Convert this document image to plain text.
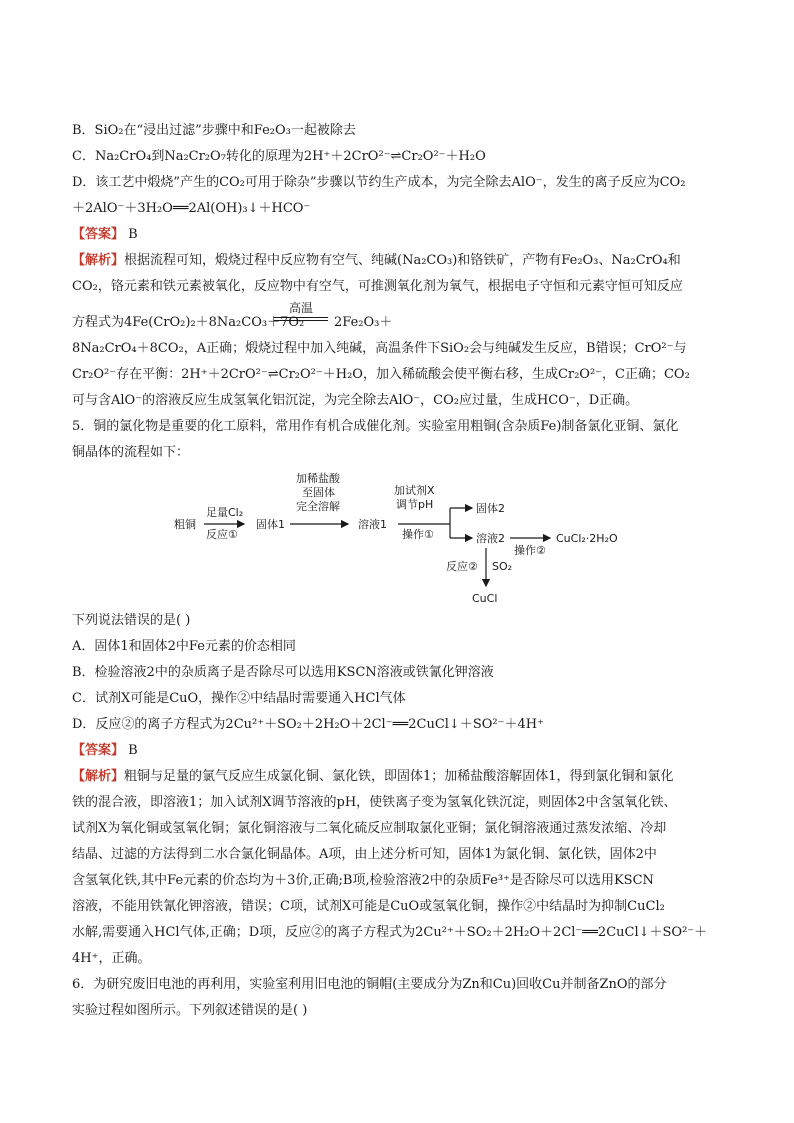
B．SiO₂在“浸出过滤”步骤中和Fe₂O₃一起被除去
C．Na₂CrO₄到Na₂Cr₂O₇转化的原理为2H⁺＋2CrO²⁻⇌Cr₂O²⁻＋H₂O
D．该工艺中煅烧”产生的CO₂可用于除杂”步骤以节约生产成本，为完全除去AlO⁻，发生的离子反应为CO₂
＋2AlO⁻＋3H₂O══2Al(OH)₃↓＋HCO⁻
【答案】 B
【解析】根据流程可知，煅烧过程中反应物有空气、纯碱(Na₂CO₃)和铬铁矿，产物有Fe₂O₃、Na₂CrO₄和
CO₂，铬元素和铁元素被氧化，反应物中有空气，可推测氧化剂为氧气，根据电子守恒和元素守恒可知反应
方程式为4Fe(CrO₂)₂＋8Na₂CO₃＋7O₂
高温
2Fe₂O₃＋
8Na₂CrO₄＋8CO₂，A正确；煅烧过程中加入纯碱，高温条件下SiO₂会与纯碱发生反应，B错误；CrO²⁻与
Cr₂O²⁻存在平衡：2H⁺＋2CrO²⁻⇌Cr₂O²⁻＋H₂O，加入稀硫酸会使平衡右移，生成Cr₂O²⁻，C正确；CO₂
可与含AlO⁻的溶液反应生成氢氧化铝沉淀，为完全除去AlO⁻，CO₂应过量，生成HCO⁻，D正确。
5．铜的氯化物是重要的化工原料，常用作有机合成催化剂。实验室用粗铜(含杂质Fe)制备氯化亚铜、氯化
铜晶体的流程如下：
粗铜
足量Cl₂
反应①
固体1
加稀盐酸
至固体
完全溶解
溶液1
加试剂X
调节pH
操作①
固体2
溶液2
操作②
CuCl₂·2H₂O
反应② SO₂
CuCl
下列说法错误的是( )
A．固体1和固体2中Fe元素的价态相同
B．检验溶液2中的杂质离子是否除尽可以选用KSCN溶液或铁氰化钾溶液
C．试剂X可能是CuO，操作②中结晶时需要通入HCl气体
D．反应②的离子方程式为2Cu²⁺＋SO₂＋2H₂O＋2Cl⁻══2CuCl↓＋SO²⁻＋4H⁺
【答案】 B
【解析】粗铜与足量的氯气反应生成氯化铜、氯化铁，即固体1；加稀盐酸溶解固体1，得到氯化铜和氯化
铁的混合液，即溶液1；加入试剂X调节溶液的pH，使铁离子变为氢氧化铁沉淀，则固体2中含氢氧化铁、
试剂X为氧化铜或氢氧化铜；氯化铜溶液与二氧化硫反应制取氯化亚铜；氯化铜溶液通过蒸发浓缩、冷却
结晶、过滤的方法得到二水合氯化铜晶体。A项，由上述分析可知，固体1为氯化铜、氯化铁，固体2中
含氢氧化铁,其中Fe元素的价态均为＋3价,正确;B项,检验溶液2中的杂质Fe³⁺是否除尽可以选用KSCN
溶液，不能用铁氰化钾溶液，错误；C项，试剂X可能是CuO或氢氧化铜，操作②中结晶时为抑制CuCl₂
水解,需要通入HCl气体,正确；D项，反应②的离子方程式为2Cu²⁺＋SO₂＋2H₂O＋2Cl⁻══2CuCl↓＋SO²⁻＋
4H⁺，正确。
6．为研究废旧电池的再利用，实验室利用旧电池的铜帽(主要成分为Zn和Cu)回收Cu并制备ZnO的部分
实验过程如图所示。下列叙述错误的是( )
